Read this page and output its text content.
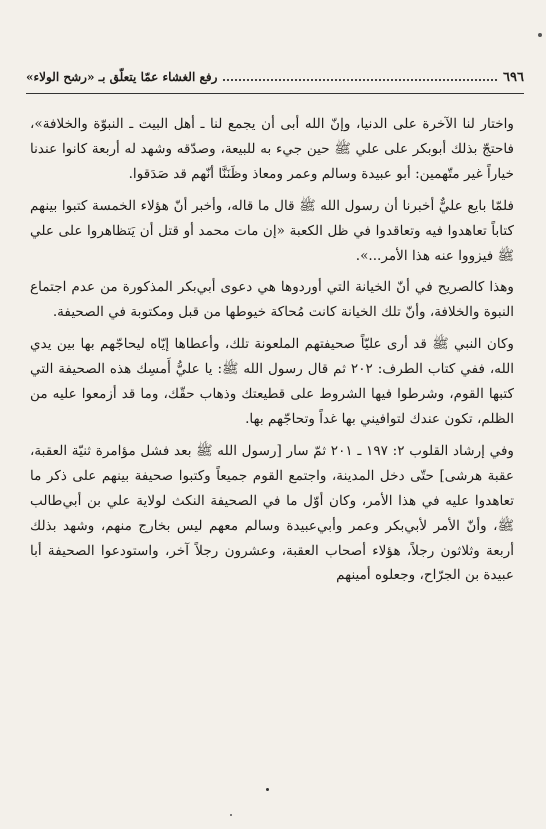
٦٩٦
رفع الغشاء عمّا يتعلّق بـ «رشح الولاء»

واختار لنا الآخرة على الدنيا، وإنّ الله أبى أن يجمع لنا ـ أهل البيت ـ النبوّة والخلافة»، فاحتجّ بذلك أبوبكر على علي ﷺ حين جيء به للبيعة، وصدّقه وشهد له أربعة كانوا عندنا خياراً غير متّهمين: أبو عبيدة وسالم وعمر ومعاذ وظَنَنَّا أنّهم قد صَدَقوا.

فلمّا بايع عليٌّ أخبرنا أن رسول الله ﷺ قال ما قاله، وأخبر أنّ هؤلاء الخمسة كتبوا بينهم كتاباً تعاهدوا فيه وتعاقدوا في ظل الكعبة «إن مات محمد أو قتل أن يَتظاهروا على علي ﷺ فيزووا عنه هذا الأمر...».

وهذا كالصريح في أنّ الخيانة التي أوردوها هي دعوى أبي‌بكر المذكورة من عدم اجتماع النبوة والخلافة، وأنّ تلك الخيانة كانت مُحاكة خيوطها من قبل ومكتوبة في الصحيفة.

وكان النبي ﷺ قد أرى عليّاً صحيفتهم الملعونة تلك، وأعطاها إيّاه ليحاجّهم بها بين يدي الله، ففي كتاب الطرف: ٢٠٢ ثم قال رسول الله ﷺ: يا عليُّ أَمسِك هذه الصحيفة التي كتبها القوم، وشرطوا فيها الشروط على قطيعتك وذهاب حقّك، وما قد أزمعوا عليه من الظلم، تكون عندك لتوافيني بها غداً وتحاجّهم بها.

وفي إرشاد القلوب ٢: ١٩٧ ـ ٢٠١ ثمّ سار [رسول الله ﷺ بعد فشل مؤامرة ثنيّة العقبة، عقبة هرشى] حتّى دخل المدينة، واجتمع القوم جميعاً وكتبوا صحيفة بينهم على ذكر ما تعاهدوا عليه في هذا الأمر، وكان أوّل ما في الصحيفة النكث لولاية علي بن أبي‌طالب ﷺ، وأنّ الأمر لأبي‌بكر وعمر وأبي‌عبيدة وسالم معهم ليس بخارج منهم، وشهد بذلك أربعة وثلاثون رجلاً، هؤلاء أصحاب العقبة، وعشرون رجلاً آخر، واستودعوا الصحيفة أبا عبيدة بن الجرّاح، وجعلوه أمينهم
